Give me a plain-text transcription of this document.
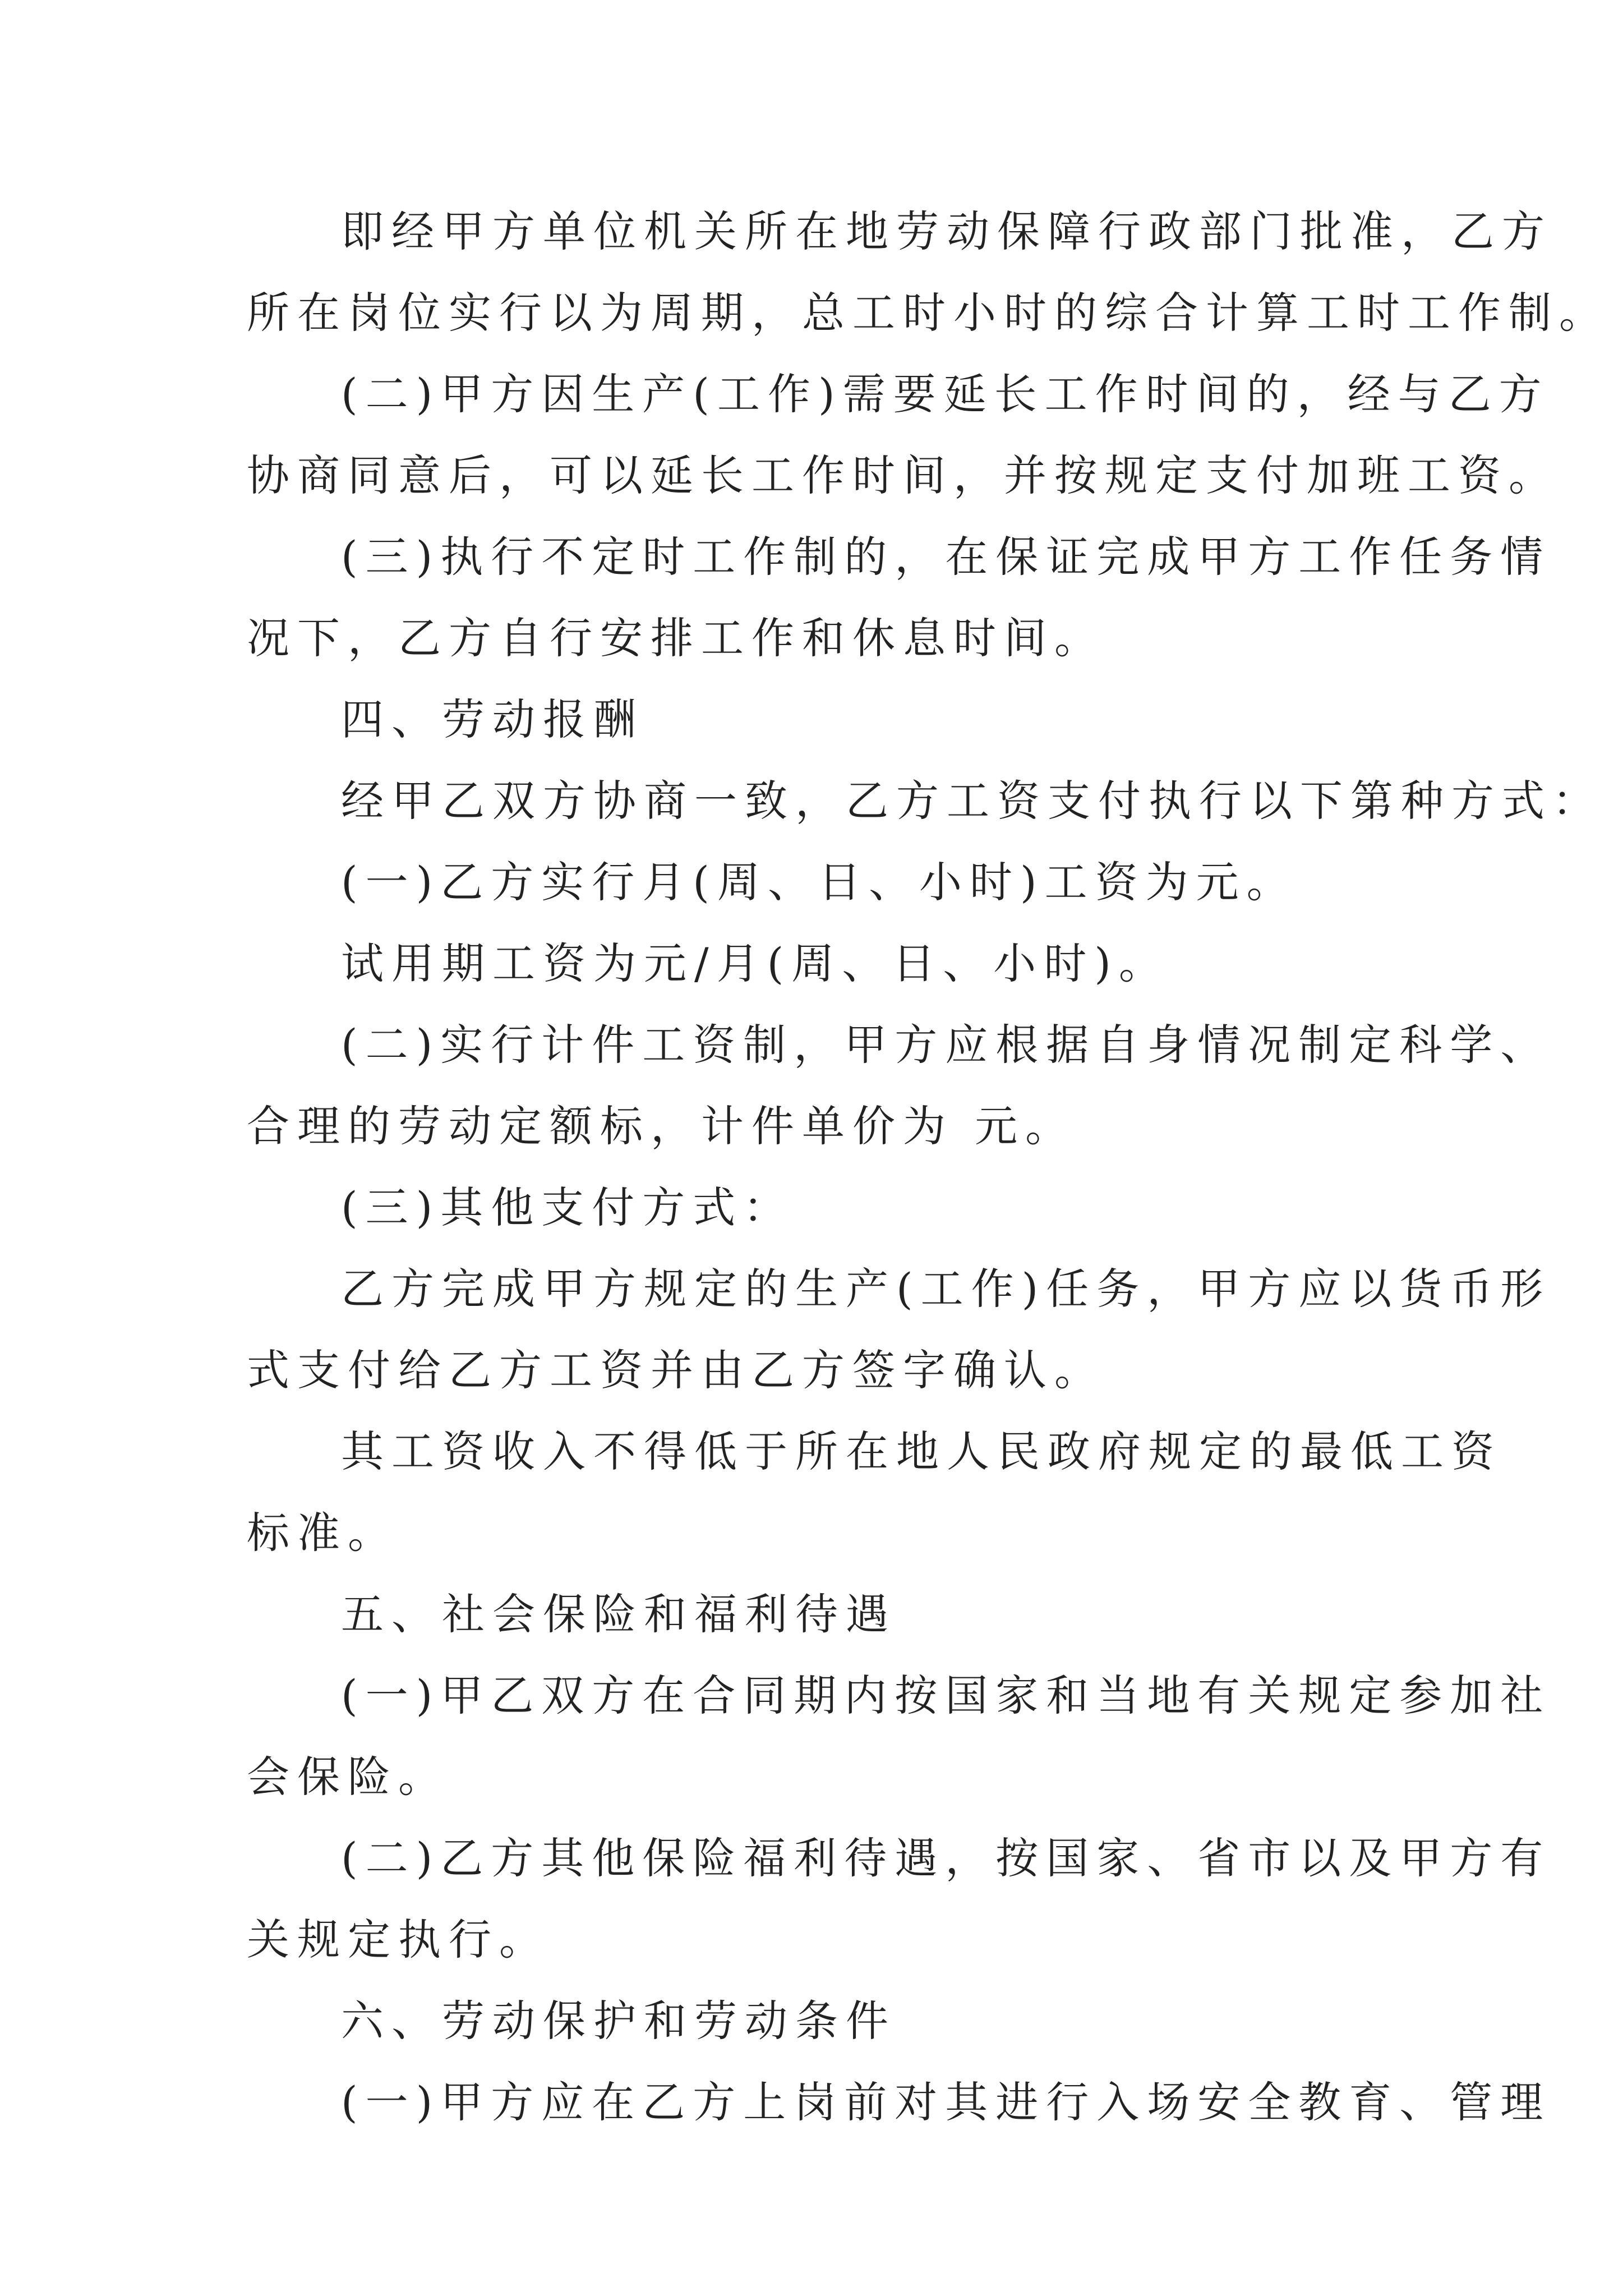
即经甲方单位机关所在地劳动保障行政部门批准，乙方
所在岗位实行以为周期，总工时小时的综合计算工时工作制。
(二)甲方因生产(工作)需要延长工作时间的，经与乙方
协商同意后，可以延长工作时间，并按规定支付加班工资。
(三)执行不定时工作制的，在保证完成甲方工作任务情
况下，乙方自行安排工作和休息时间。
四、劳动报酬
经甲乙双方协商一致，乙方工资支付执行以下第种方式：
(一)乙方实行月(周、日、小时)工资为元。
试用期工资为元/月(周、日、小时)。
(二)实行计件工资制，甲方应根据自身情况制定科学、
合理的劳动定额标，计件单价为 元。
(三)其他支付方式：
乙方完成甲方规定的生产(工作)任务，甲方应以货币形
式支付给乙方工资并由乙方签字确认。
其工资收入不得低于所在地人民政府规定的最低工资
标准。
五、社会保险和福利待遇
(一)甲乙双方在合同期内按国家和当地有关规定参加社
会保险。
(二)乙方其他保险福利待遇，按国家、省市以及甲方有
关规定执行。
六、劳动保护和劳动条件
(一)甲方应在乙方上岗前对其进行入场安全教育、管理
